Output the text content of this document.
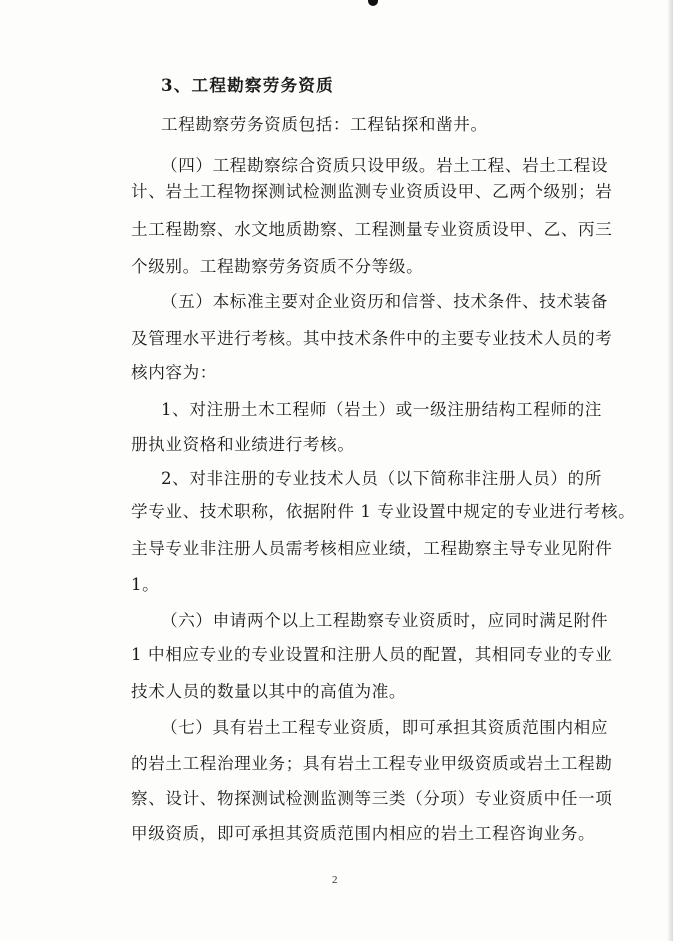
3、工程勘察劳务资质

工程勘察劳务资质包括：工程钻探和凿井。

（四）工程勘察综合资质只设甲级。岩土工程、岩土工程设

计、岩土工程物探测试检测监测专业资质设甲、乙两个级别；岩

土工程勘察、水文地质勘察、工程测量专业资质设甲、乙、丙三

个级别。工程勘察劳务资质不分等级。

（五）本标准主要对企业资历和信誉、技术条件、技术装备

及管理水平进行考核。其中技术条件中的主要专业技术人员的考

核内容为：

1、对注册土木工程师（岩土）或一级注册结构工程师的注

册执业资格和业绩进行考核。

2、对非注册的专业技术人员（以下简称非注册人员）的所

学专业、技术职称，依据附件 1 专业设置中规定的专业进行考核。

主导专业非注册人员需考核相应业绩，工程勘察主导专业见附件

1。

（六）申请两个以上工程勘察专业资质时，应同时满足附件

1 中相应专业的专业设置和注册人员的配置，其相同专业的专业

技术人员的数量以其中的高值为准。

（七）具有岩土工程专业资质，即可承担其资质范围内相应

的岩土工程治理业务；具有岩土工程专业甲级资质或岩土工程勘

察、设计、物探测试检测监测等三类（分项）专业资质中任一项

甲级资质，即可承担其资质范围内相应的岩土工程咨询业务。

2
